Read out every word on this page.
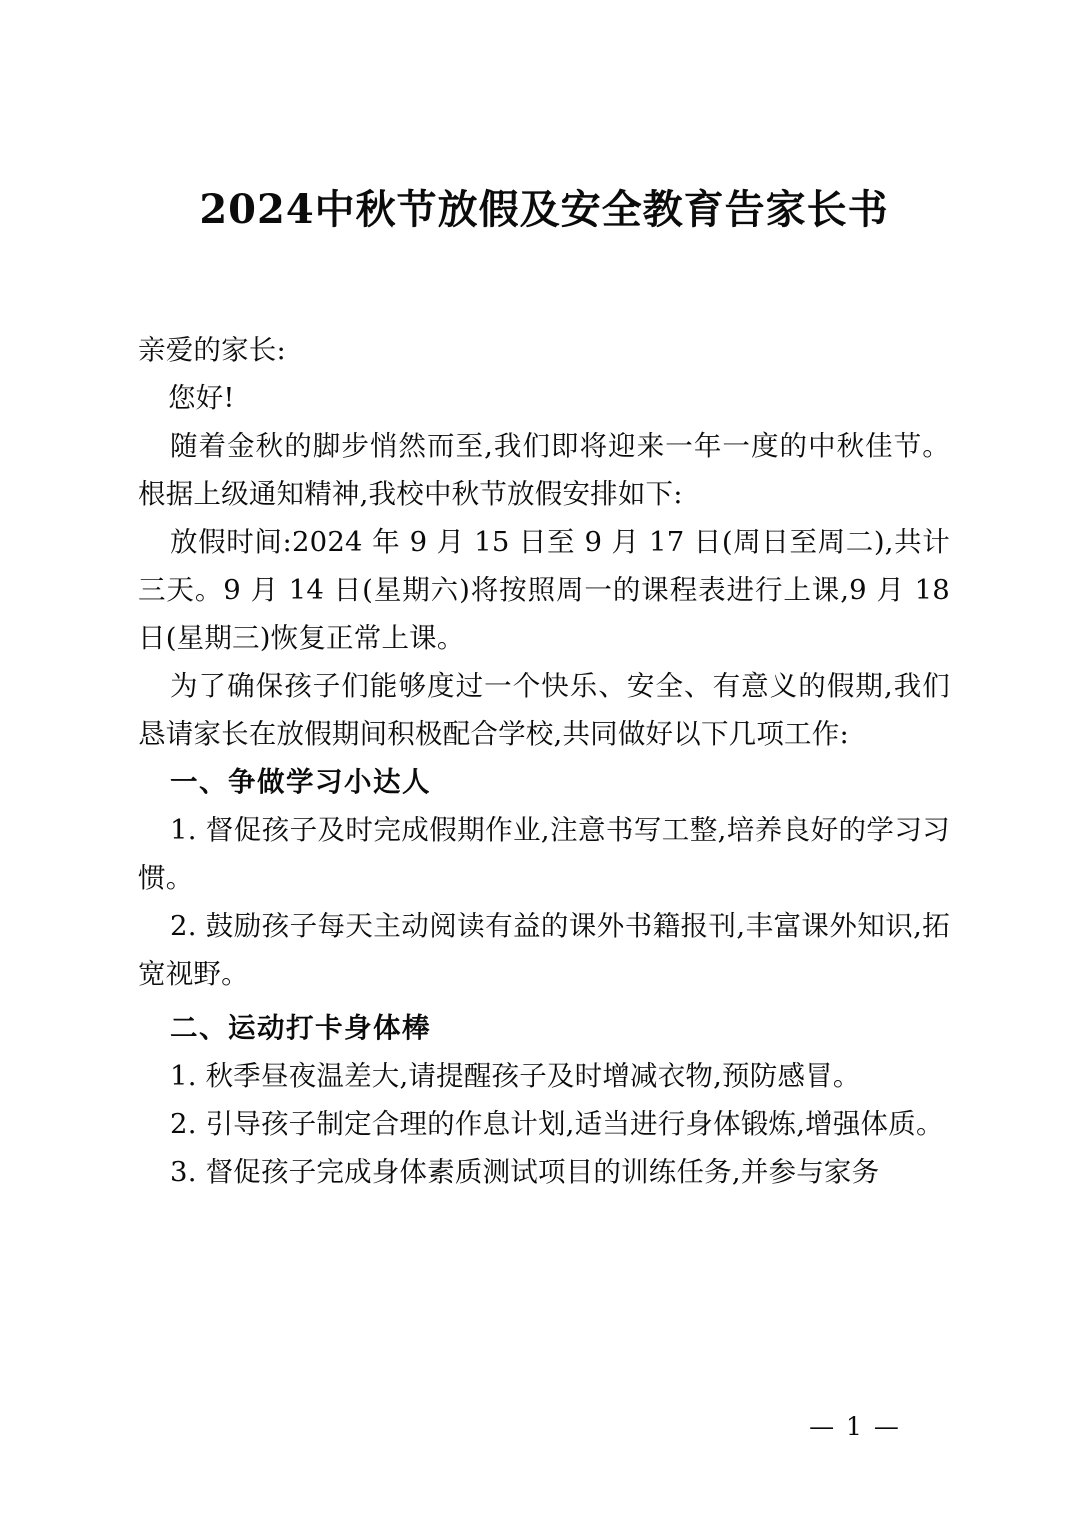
2024中秋节放假及安全教育告家长书

亲爱的家长:

您好!

随着金秋的脚步悄然而至,我们即将迎来一年一度的中秋佳节。根据上级通知精神,我校中秋节放假安排如下:

放假时间:2024 年 9 月 15 日至 9 月 17 日(周日至周二),共计三天。9 月 14 日(星期六)将按照周一的课程表进行上课,9 月 18 日(星期三)恢复正常上课。

为了确保孩子们能够度过一个快乐、安全、有意义的假期,我们恳请家长在放假期间积极配合学校,共同做好以下几项工作:

一、争做学习小达人

1. 督促孩子及时完成假期作业,注意书写工整,培养良好的学习习惯。

2. 鼓励孩子每天主动阅读有益的课外书籍报刊,丰富课外知识,拓宽视野。

二、运动打卡身体棒

1. 秋季昼夜温差大,请提醒孩子及时增减衣物,预防感冒。

2. 引导孩子制定合理的作息计划,适当进行身体锻炼,增强体质。

3. 督促孩子完成身体素质测试项目的训练任务,并参与家务

— 1 —
